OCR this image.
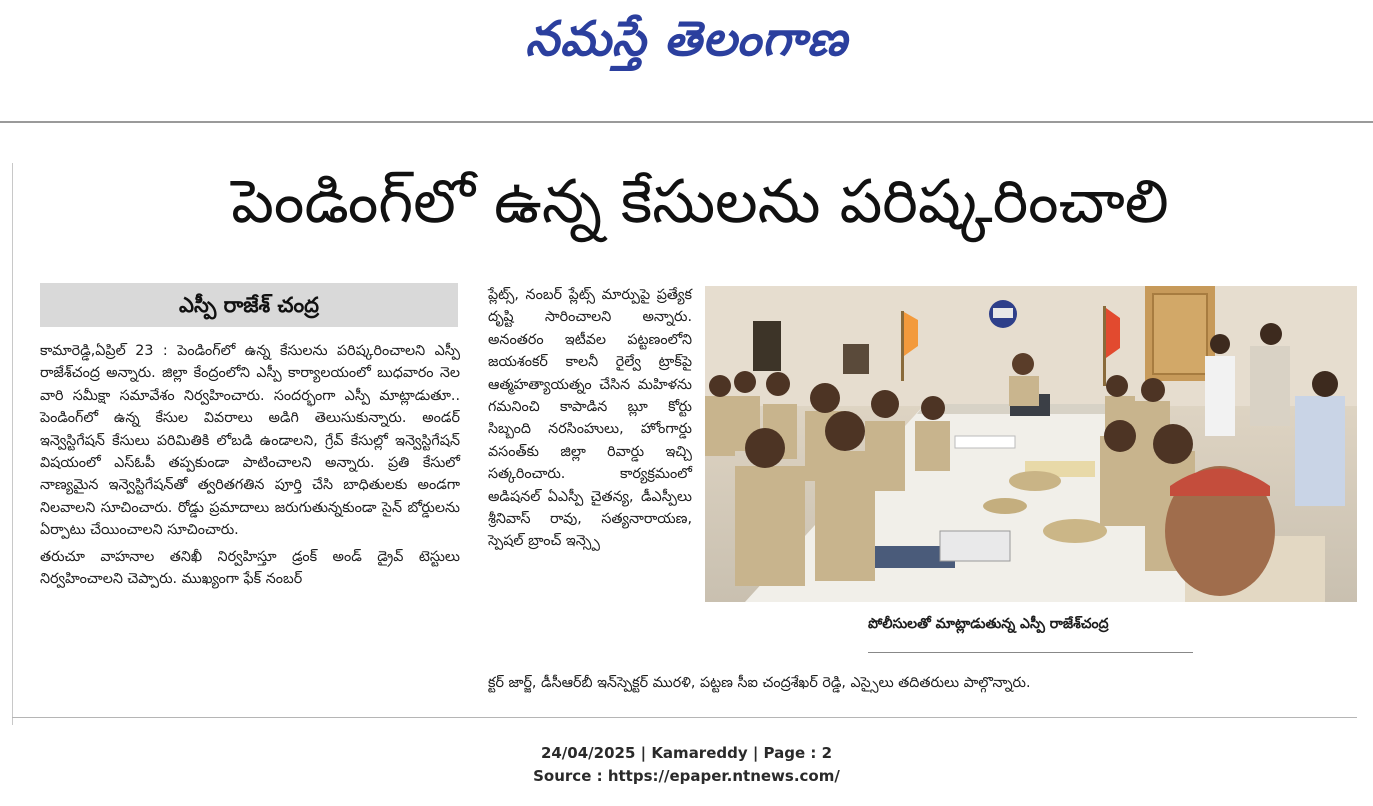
నమస్తే తెలంగాణ
పెండింగ్‌లో ఉన్న కేసులను పరిష్కరించాలి
ఎస్పీ రాజేశ్ చంద్ర

కామారెడ్డి,ఏప్రిల్ 23 : పెండింగ్‌లో ఉన్న కేసులను పరిష్కరించాలని ఎస్పీ రాజేశ్‌చంద్ర అన్నారు. జిల్లా కేంద్రంలోని ఎస్పీ కార్యాలయంలో బుధవారం నెల వారి సమీక్షా సమావేశం నిర్వహించారు. సందర్భంగా ఎస్పీ మాట్లాడుతూ.. పెండింగ్‌లో ఉన్న కేసుల వివరాలు అడిగి తెలుసుకున్నారు. అండర్ ఇన్వెస్టిగేషన్ కేసులు పరిమితికి లోబడి ఉండాలని, గ్రేవ్ కేసుల్లో ఇన్వెస్టిగేషన్ విషయంలో ఎస్‌ఓపీ తప్పకుండా పాటించాలని అన్నారు. ప్రతి కేసులో నాణ్యమైన ఇన్వెస్టిగేషన్‌తో త్వరితగతిన పూర్తి చేసి బాధితులకు అండగా నిలవాలని సూచించారు. రోడ్డు ప్రమాదాలు జరుగుతున్నకుండా సైన్ బోర్డులను ఏర్పాటు చేయించాలని సూచించారు.

తరుచూ వాహనాల తనిఖీ నిర్వహిస్తూ డ్రంక్ అండ్ డ్రైవ్ టెస్టులు నిర్వహించాలని చెప్పారు. ముఖ్యంగా ఫేక్ నంబర్

ప్లేట్స్, నంబర్ ప్లేట్స్ మార్పుపై ప్రత్యేక దృష్టి సారించాలని అన్నారు. అనంతరం ఇటీవల పట్టణంలోని జయశంకర్ కాలనీ రైల్వే ట్రాక్‌పై ఆత్మహత్యాయత్నం చేసిన మహిళను గమనించి కాపాడిన బ్లూ కోర్టు సిబ్బంది నరసింహులు, హోంగార్డు వసంత్‌కు జిల్లా రివార్డు ఇచ్చి సత్కరించారు. కార్యక్రమంలో అడిషనల్ ఏఎస్పీ చైతన్య, డీఎస్పీలు శ్రీనివాస్ రావు, సత్యనారాయణ, స్పెషల్ బ్రాంచ్ ఇన్స్పె

క్టర్ జార్జ్, డీసీఆర్‌బీ ఇన్‌స్పెక్టర్ మురళి, పట్టణ సీఐ చంద్రశేఖర్ రెడ్డి, ఎస్సైలు తదితరులు పాల్గొన్నారు.
పోలీసులతో మాట్లాడుతున్న ఎస్పీ రాజేశ్‌చంద్ర
24/04/2025 | Kamareddy | Page : 2
Source : https://epaper.ntnews.com/
